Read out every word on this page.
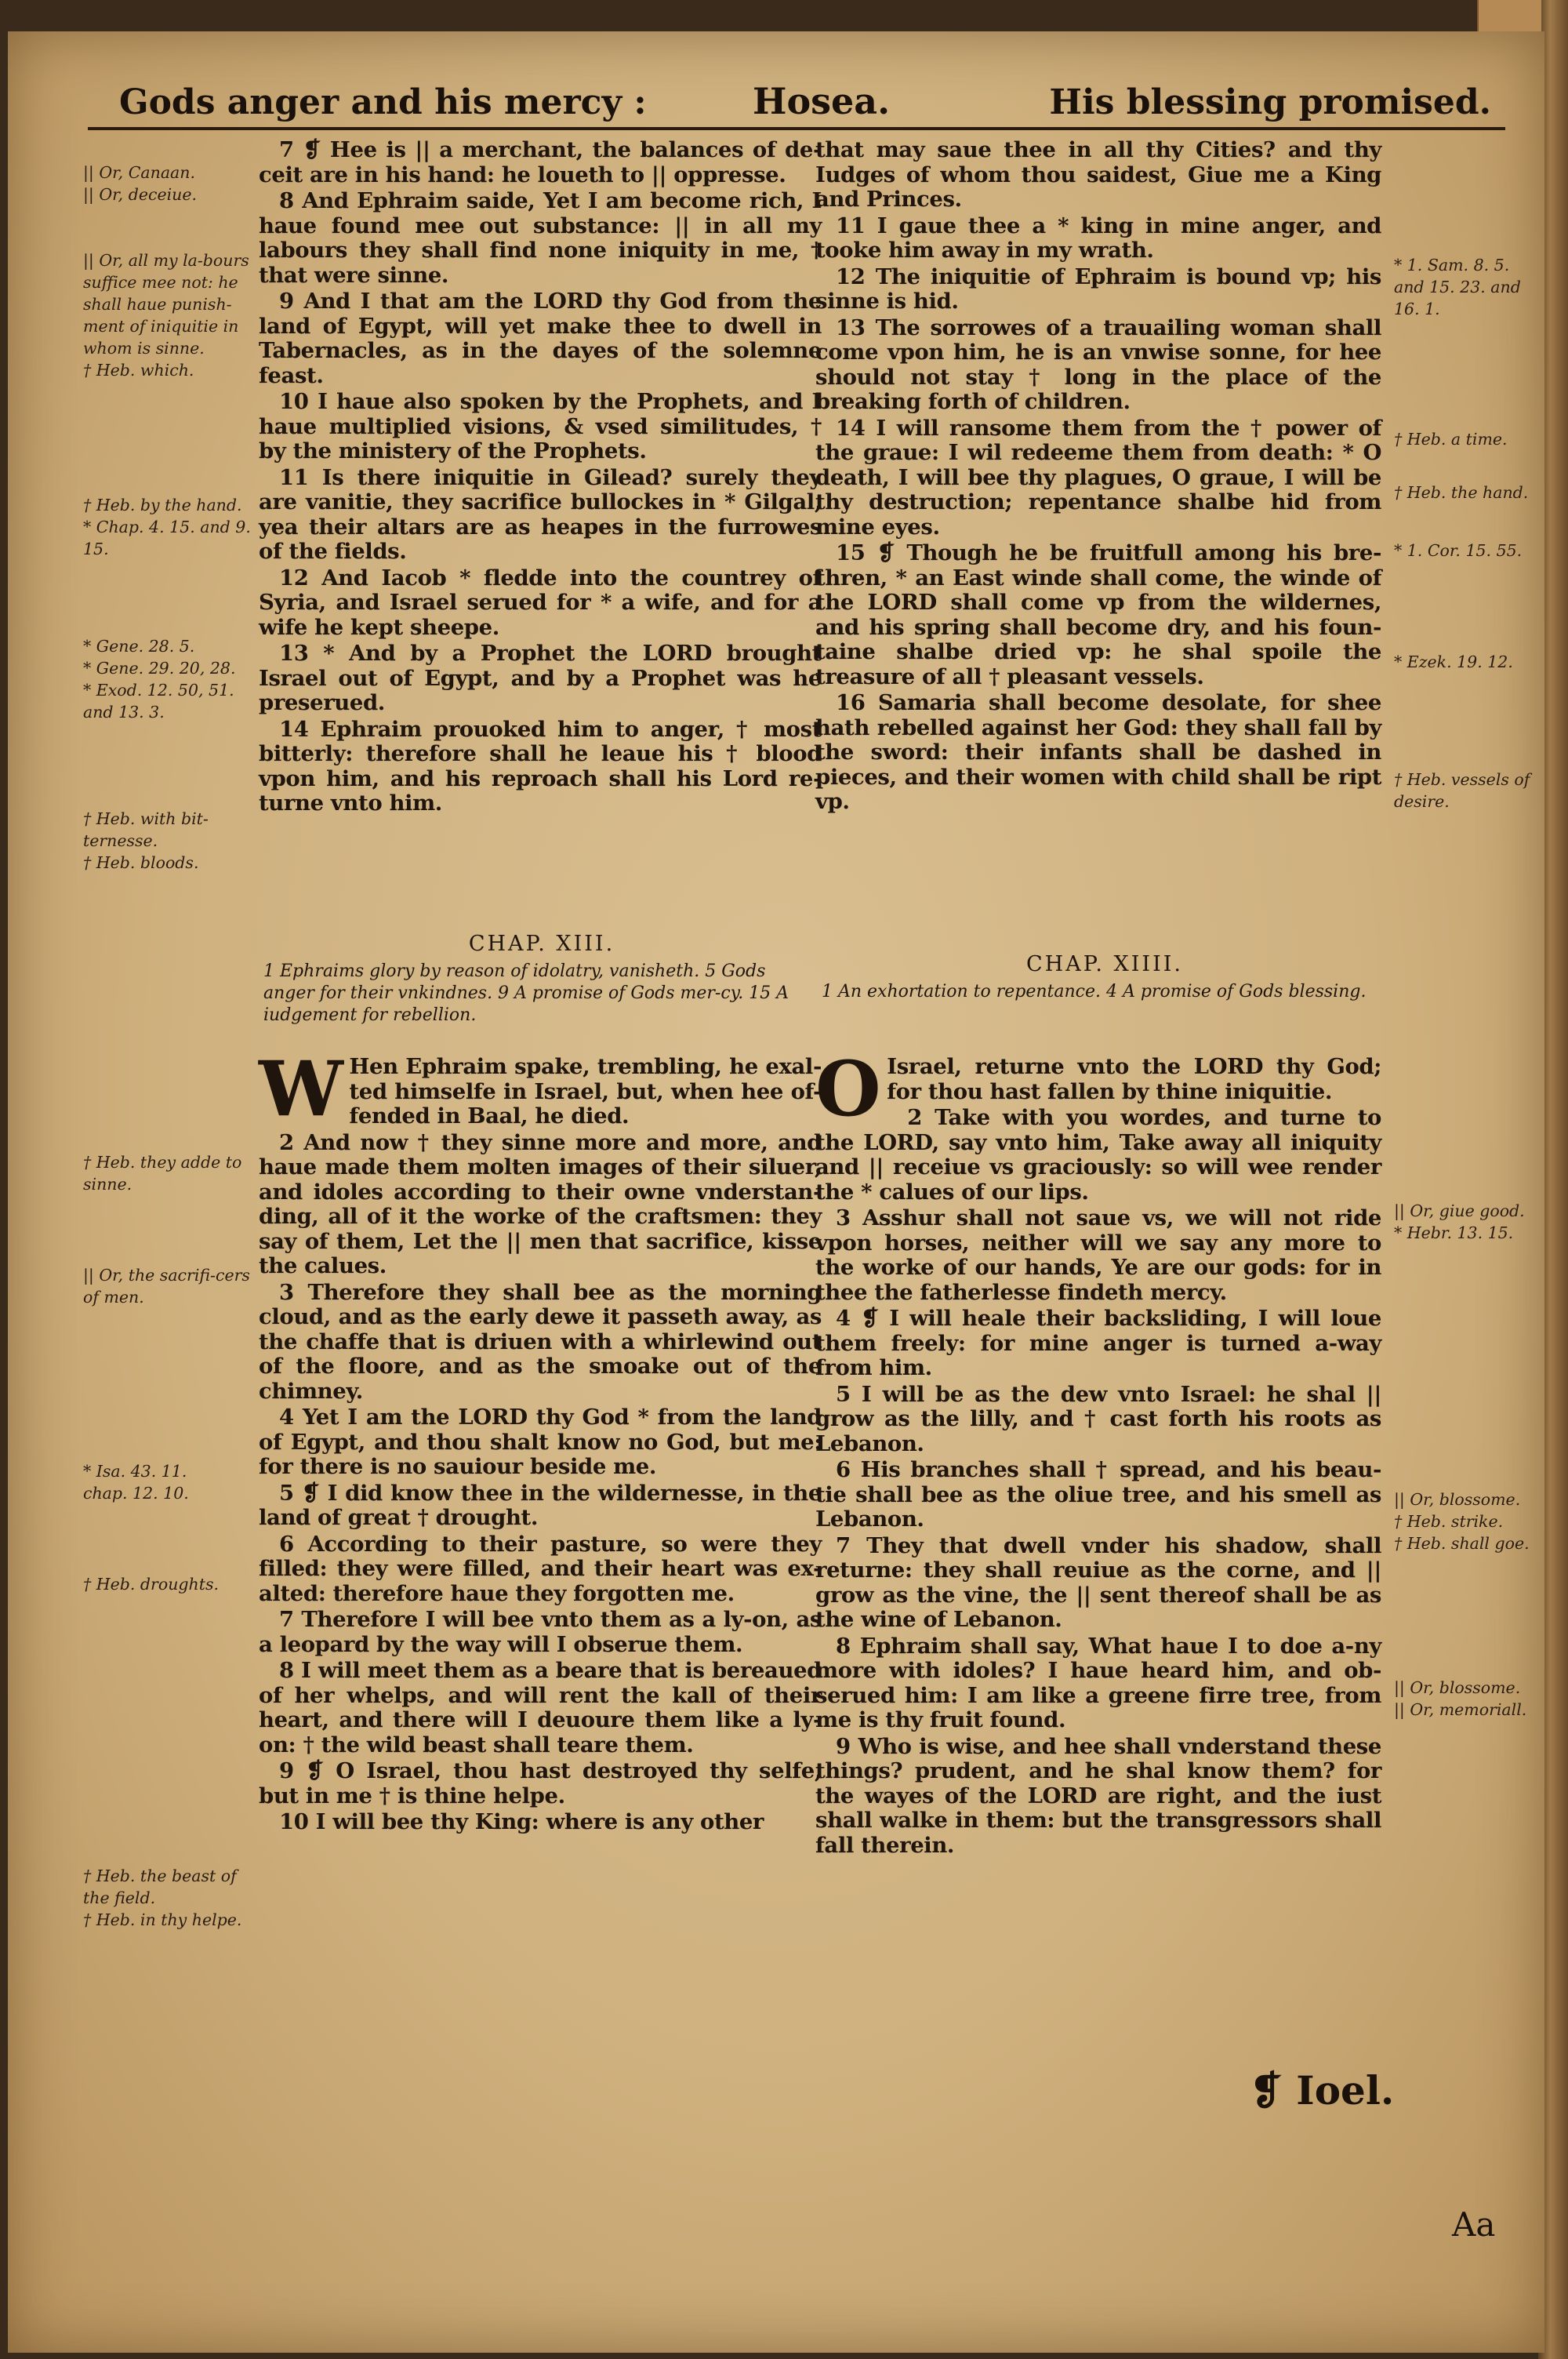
Gods anger and his mercy :	Hosea.	His blessing promised.

7 ❡ Hee is || a merchant, the balances of de-ceit are in his hand: he loueth to || oppresse.

8 And Ephraim saide, Yet I am become rich, I haue found mee out substance: || in all my labours they shall find none iniquity in me, † that were sinne.

9 And I that am the LORD thy God from the land of Egypt, will yet make thee to dwell in Tabernacles, as in the dayes of the solemne feast.

10 I haue also spoken by the Prophets, and I haue multiplied visions, & vsed similitudes, † by the ministery of the Prophets.

11 Is there iniquitie in Gilead? surely they are vanitie, they sacrifice bullockes in * Gilgal, yea their altars are as heapes in the furrowes of the fields.

12 And Iacob * fledde into the countrey of Syria, and Israel serued for * a wife, and for a wife he kept sheepe.

13 * And by a Prophet the LORD brought Israel out of Egypt, and by a Prophet was he preserued.

14 Ephraim prouoked him to anger, † most bitterly: therefore shall he leaue his † blood vpon him, and his reproach shall his Lord re-turne vnto him.

that may saue thee in all thy Cities? and thy Iudges of whom thou saidest, Giue me a King and Princes.

11 I gaue thee a * king in mine anger, and tooke him away in my wrath.

12 The iniquitie of Ephraim is bound vp; his sinne is hid.

13 The sorrowes of a trauailing woman shall come vpon him, he is an vnwise sonne, for hee should not stay † long in the place of the breaking forth of children.

14 I will ransome them from the † power of the graue: I wil redeeme them from death: * O death, I will bee thy plagues, O graue, I will be thy destruction; repentance shalbe hid from mine eyes.

15 ❡ Though he be fruitfull among his bre-thren, * an East winde shall come, the winde of the LORD shall come vp from the wildernes, and his spring shall become dry, and his foun-taine shalbe dried vp: he shal spoile the treasure of all † pleasant vessels.

16 Samaria shall become desolate, for shee hath rebelled against her God: they shall fall by the sword: their infants shall be dashed in pieces, and their women with child shall be ript vp.

CHAP. XIII.
1 Ephraims glory by reason of idolatry, vanisheth. 5 Gods anger for their vnkindnes. 9 A promise of Gods mer-cy. 15 A iudgement for rebellion.
CHAP. XIIII.
1 An exhortation to repentance. 4 A promise of Gods blessing.

W Hen Ephraim spake, trembling, he exal-ted himselfe in Israel, but, when hee of-fended in Baal, he died.

2 And now † they sinne more and more, and haue made them molten images of their siluer, and idoles according to their owne vnderstan-ding, all of it the worke of the craftsmen: they say of them, Let the || men that sacrifice, kisse the calues.

3 Therefore they shall bee as the morning cloud, and as the early dewe it passeth away, as the chaffe that is driuen with a whirlewind out of the floore, and as the smoake out of the chimney.

4 Yet I am the LORD thy God * from the land of Egypt, and thou shalt know no God, but me: for there is no sauiour beside me.

5 ❡ I did know thee in the wildernesse, in the land of great † drought.

6 According to their pasture, so were they filled: they were filled, and their heart was ex-alted: therefore haue they forgotten me.

7 Therefore I will bee vnto them as a ly-on, as a leopard by the way will I obserue them.

8 I will meet them as a beare that is bereaued of her whelps, and will rent the kall of their heart, and there will I deuoure them like a ly-on: † the wild beast shall teare them.

9 ❡ O Israel, thou hast destroyed thy selfe, but in me † is thine helpe.

10 I will bee thy King: where is any other

O Israel, returne vnto the LORD thy God; for thou hast fallen by thine iniquitie.

2 Take with you wordes, and turne to the LORD, say vnto him, Take away all iniquity and || receiue vs graciously: so will wee render the * calues of our lips.

3 Asshur shall not saue vs, we will not ride vpon horses, neither will we say any more to the worke of our hands, Ye are our gods: for in thee the fatherlesse findeth mercy.

4 ❡ I will heale their backsliding, I will loue them freely: for mine anger is turned a-way from him.

5 I will be as the dew vnto Israel: he shal || grow as the lilly, and † cast forth his roots as Lebanon.

6 His branches shall † spread, and his beau-tie shall bee as the oliue tree, and his smell as Lebanon.

7 They that dwell vnder his shadow, shall returne: they shall reuiue as the corne, and || grow as the vine, the || sent thereof shall be as the wine of Lebanon.

8 Ephraim shall say, What haue I to doe a-ny more with idoles? I haue heard him, and ob-serued him: I am like a greene firre tree, from me is thy fruit found.

9 Who is wise, and hee shall vnderstand these things? prudent, and he shal know them? for the wayes of the LORD are right, and the iust shall walke in them: but the transgressors shall fall therein.

|| Or, Canaan.
|| Or, deceiue.
|| Or, all my la-bours suffice mee not: he shall haue punish-ment of iniquitie in whom is sinne.
† Heb. which.
† Heb. by the hand.
* Chap. 4. 15. and 9. 15.
* Gene. 28. 5.
* Gene. 29. 20, 28.
* Exod. 12. 50, 51. and 13. 3.
† Heb. with bit-ternesse.
† Heb. bloods.
† Heb. they adde to sinne.
|| Or, the sacrifi-cers of men.
* Isa. 43. 11.
chap. 12. 10.
† Heb. droughts.
† Heb. the beast of the field.
† Heb. in thy helpe.
* 1. Sam. 8. 5. and 15. 23. and 16. 1.
† Heb. a time.
† Heb. the hand.
* 1. Cor. 15. 55.
* Ezek. 19. 12.
† Heb. vessels of desire.
|| Or, giue good.
* Hebr. 13. 15.
|| Or, blossome.
† Heb. strike.
† Heb. shall goe.
|| Or, blossome.
|| Or, memoriall.
❡ Ioel.
Aa
